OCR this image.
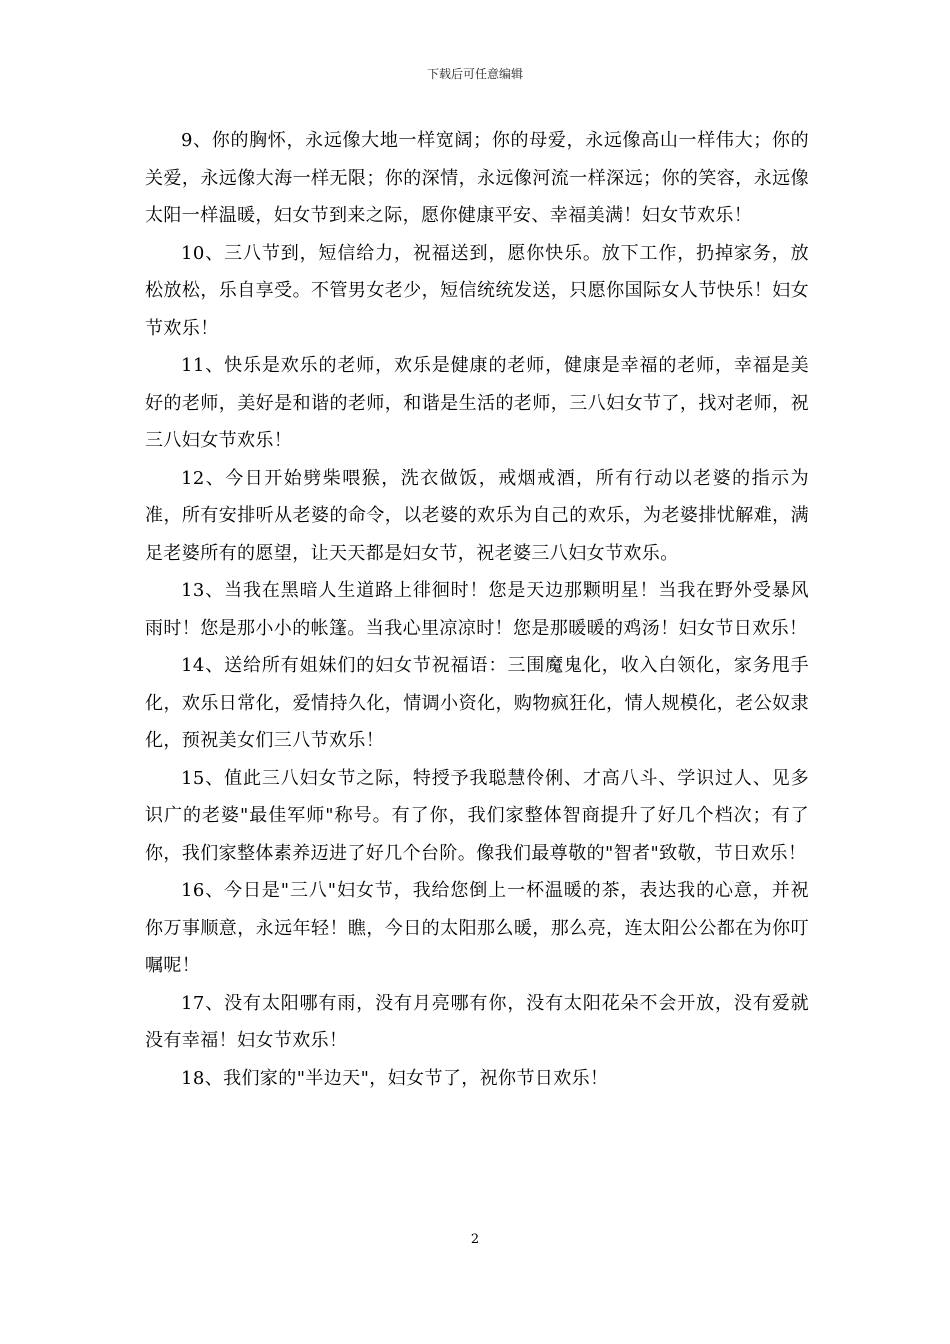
下载后可任意编辑

9、你的胸怀，永远像大地一样宽阔；你的母爱，永远像高山一样伟大；你的关爱，永远像大海一样无限；你的深情，永远像河流一样深远；你的笑容，永远像太阳一样温暖，妇女节到来之际，愿你健康平安、幸福美满！妇女节欢乐！

10、三八节到，短信给力，祝福送到，愿你快乐。放下工作，扔掉家务，放松放松，乐自享受。不管男女老少，短信统统发送，只愿你国际女人节快乐！妇女节欢乐！

11、快乐是欢乐的老师，欢乐是健康的老师，健康是幸福的老师，幸福是美好的老师，美好是和谐的老师，和谐是生活的老师，三八妇女节了，找对老师，祝三八妇女节欢乐！

12、今日开始劈柴喂猴，洗衣做饭，戒烟戒酒，所有行动以老婆的指示为准，所有安排听从老婆的命令，以老婆的欢乐为自己的欢乐，为老婆排忧解难，满足老婆所有的愿望，让天天都是妇女节，祝老婆三八妇女节欢乐。

13、当我在黑暗人生道路上徘徊时！您是天边那颗明星！当我在野外受暴风雨时！您是那小小的帐篷。当我心里凉凉时！您是那暖暖的鸡汤！妇女节日欢乐！

14、送给所有姐妹们的妇女节祝福语：三围魔鬼化，收入白领化，家务甩手化，欢乐日常化，爱情持久化，情调小资化，购物疯狂化，情人规模化，老公奴隶化，预祝美女们三八节欢乐！

15、值此三八妇女节之际，特授予我聪慧伶俐、才高八斗、学识过人、见多识广的老婆"最佳军师"称号。有了你，我们家整体智商提升了好几个档次；有了你，我们家整体素养迈进了好几个台阶。像我们最尊敬的"智者"致敬，节日欢乐！

16、今日是"三八"妇女节，我给您倒上一杯温暖的茶，表达我的心意，并祝你万事顺意，永远年轻！瞧，今日的太阳那么暖，那么亮，连太阳公公都在为你叮嘱呢！

17、没有太阳哪有雨，没有月亮哪有你，没有太阳花朵不会开放，没有爱就没有幸福！妇女节欢乐！

18、我们家的"半边天"，妇女节了，祝你节日欢乐！

2
